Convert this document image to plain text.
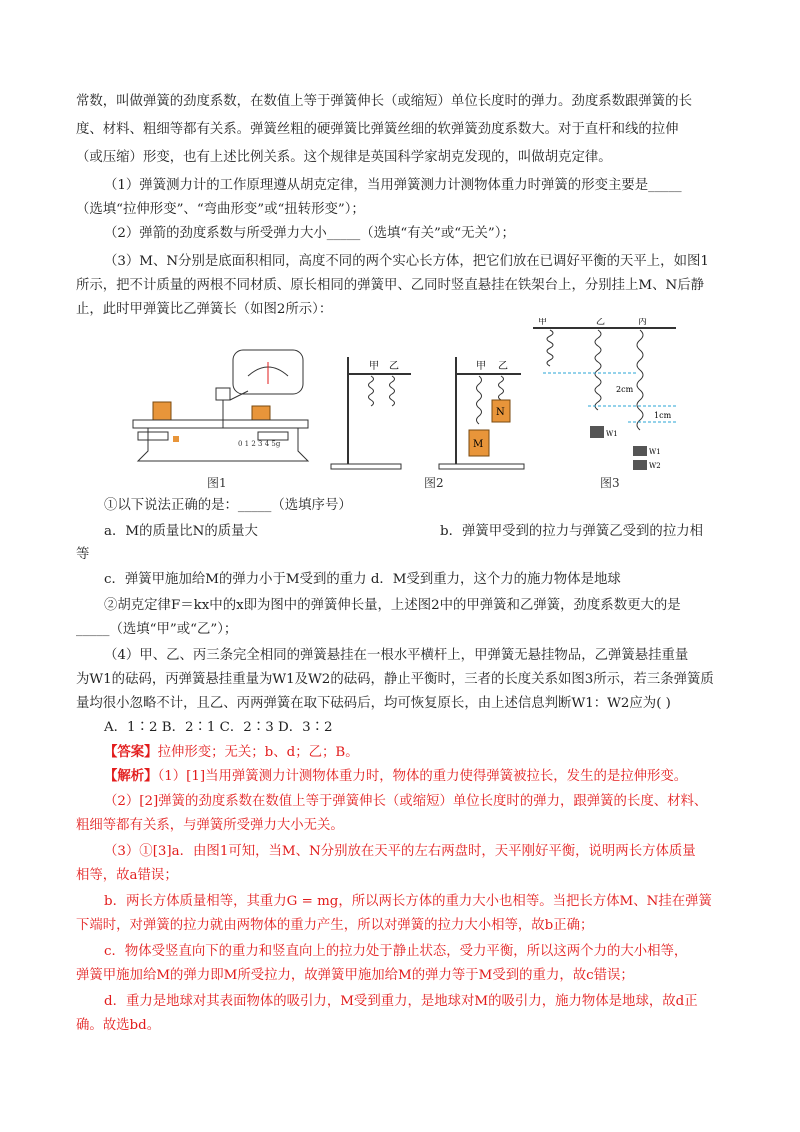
常数，叫做弹簧的劲度系数，在数值上等于弹簧伸长（或缩短）单位长度时的弹力。劲度系数跟弹簧的长
度、材料、粗细等都有关系。弹簧丝粗的硬弹簧比弹簧丝细的软弹簧劲度系数大。对于直杆和线的拉伸
（或压缩）形变，也有上述比例关系。这个规律是英国科学家胡克发现的，叫做胡克定律。
（1）弹簧测力计的工作原理遵从胡克定律，当用弹簧测力计测物体重力时弹簧的形变主要是_____
（选填“拉伸形变”、“弯曲形变”或“扭转形变”）；
（2）弹箭的劲度系数与所受弹力大小_____（选填“有关”或“无关”）；
（3）M、N分别是底面积相同，高度不同的两个实心长方体，把它们放在已调好平衡的天平上，如图1
所示，把不计质量的两根不同材质、原长相同的弹簧甲、乙同时竖直悬挂在铁架台上，分别挂上M、N后静
止，此时甲弹簧比乙弹簧长（如图2所示）：
0 1 2 3 4 5g
图1
甲 乙	甲 乙
N
M
图2
甲	乙	丙
W1
W1
W2
2cm
1cm
图3
①以下说法正确的是：_____（选填序号）
a．M的质量比N的质量大	b．弹簧甲受到的拉力与弹簧乙受到的拉力相
等
c．弹簧甲施加给M的弹力小于M受到的重力 d．M受到重力，这个力的施力物体是地球
②胡克定律F＝kx中的x即为图中的弹簧伸长量，上述图2中的甲弹簧和乙弹簧，劲度系数更大的是
_____（选填“甲”或“乙”）；
（4）甲、乙、丙三条完全相同的弹簧悬挂在一根水平横杆上，甲弹簧无悬挂物品，乙弹簧悬挂重量
为W1的砝码，丙弹簧悬挂重量为W1及W2的砝码，静止平衡时，三者的长度关系如图3所示，若三条弹簧质
量均很小忽略不计，且乙、丙两弹簧在取下砝码后，均可恢复原长，由上述信息判断W1：W2应为( )
A．1∶2 B．2∶1 C．2∶3 D．3∶2
【答案】拉伸形变；无关；b、d；乙；B。
【解析】（1）[1]当用弹簧测力计测物体重力时，物体的重力使得弹簧被拉长，发生的是拉伸形变。
（2）[2]弹簧的劲度系数在数值上等于弹簧伸长（或缩短）单位长度时的弹力，跟弹簧的长度、材料、
粗细等都有关系，与弹簧所受弹力大小无关。
（3）①[3]a．由图1可知，当M、N分别放在天平的左右两盘时，天平刚好平衡，说明两长方体质量
相等，故a错误；
b．两长方体质量相等，其重力G = mg，所以两长方体的重力大小也相等。当把长方体M、N挂在弹簧
下端时，对弹簧的拉力就由两物体的重力产生，所以对弹簧的拉力大小相等，故b正确；
c．物体受竖直向下的重力和竖直向上的拉力处于静止状态，受力平衡，所以这两个力的大小相等，
弹簧甲施加给M的弹力即M所受拉力，故弹簧甲施加给M的弹力等于M受到的重力，故c错误；
d．重力是地球对其表面物体的吸引力，M受到重力，是地球对M的吸引力，施力物体是地球，故d正
确。故选bd。
